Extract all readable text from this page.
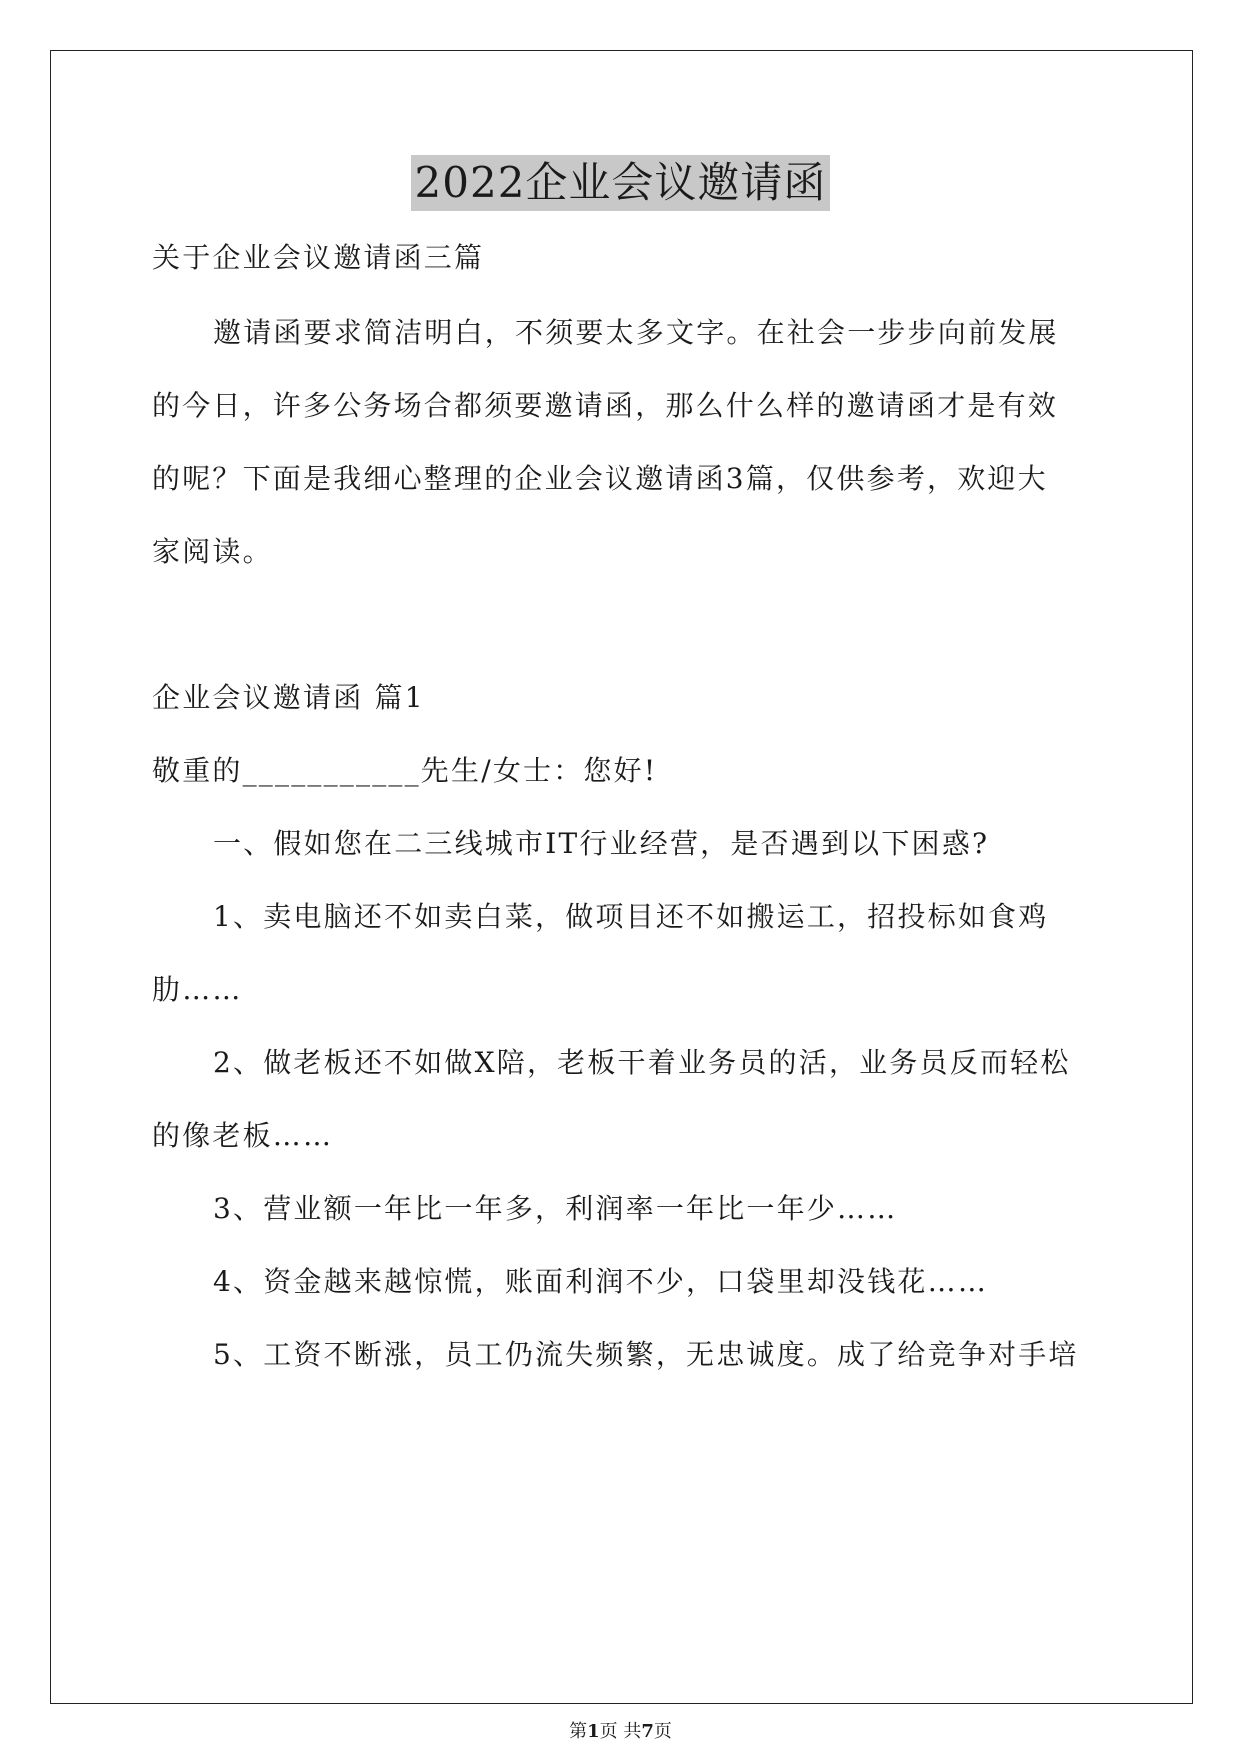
2022企业会议邀请函
关于企业会议邀请函三篇
邀请函要求简洁明白，不须要太多文字。在社会一步步向前发展
的今日，许多公务场合都须要邀请函，那么什么样的邀请函才是有效
的呢？下面是我细心整理的企业会议邀请函3篇，仅供参考，欢迎大
家阅读。
企业会议邀请函 篇1
敬重的___________先生/女士：您好!
一、假如您在二三线城市IT行业经营，是否遇到以下困惑?
1、卖电脑还不如卖白菜，做项目还不如搬运工，招投标如食鸡
肋……
2、做老板还不如做X陪，老板干着业务员的活，业务员反而轻松
的像老板……
3、营业额一年比一年多，利润率一年比一年少……
4、资金越来越惊慌，账面利润不少，口袋里却没钱花……
5、工资不断涨，员工仍流失频繁，无忠诚度。成了给竞争对手培
第1页 共7页
